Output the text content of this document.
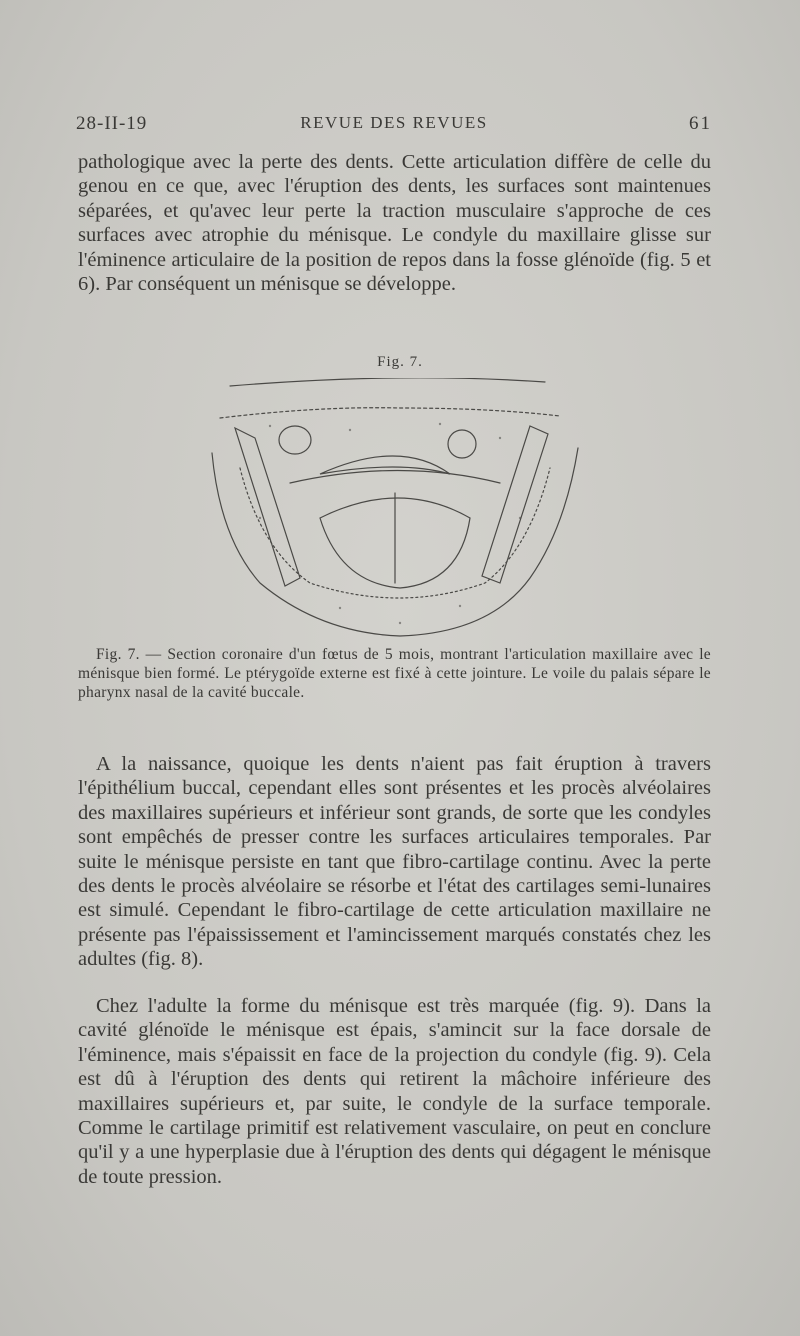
28-II-19	REVUE DES REVUES	61
pathologique avec la perte des dents. Cette articulation diffère de celle du genou en ce que, avec l'éruption des dents, les surfaces sont maintenues séparées, et qu'avec leur perte la traction musculaire s'approche de ces surfaces avec atrophie du ménisque. Le condyle du maxillaire glisse sur l'éminence articulaire de la position de repos dans la fosse glénoïde (fig. 5 et 6). Par conséquent un ménisque se développe.
Fig. 7.
Fig. 7. — Section coronaire d'un fœtus de 5 mois, montrant l'articulation maxillaire avec le ménisque bien formé. Le ptérygoïde externe est fixé à cette jointure. Le voile du palais sépare le pharynx nasal de la cavité buccale.
A la naissance, quoique les dents n'aient pas fait éruption à travers l'épithélium buccal, cependant elles sont présentes et les procès alvéolaires des maxillaires supérieurs et inférieur sont grands, de sorte que les condyles sont empêchés de presser contre les surfaces articulaires temporales. Par suite le ménisque persiste en tant que fibro-cartilage continu. Avec la perte des dents le procès alvéolaire se résorbe et l'état des cartilages semi-lunaires est simulé. Cependant le fibro-cartilage de cette articulation maxillaire ne présente pas l'épaississement et l'amincissement marqués constatés chez les adultes (fig. 8).
Chez l'adulte la forme du ménisque est très marquée (fig. 9). Dans la cavité glénoïde le ménisque est épais, s'amincit sur la face dorsale de l'éminence, mais s'épaissit en face de la projection du condyle (fig. 9). Cela est dû à l'éruption des dents qui retirent la mâchoire inférieure des maxillaires supérieurs et, par suite, le condyle de la surface temporale. Comme le cartilage primitif est relativement vasculaire, on peut en conclure qu'il y a une hyperplasie due à l'éruption des dents qui dégagent le ménisque de toute pression.
